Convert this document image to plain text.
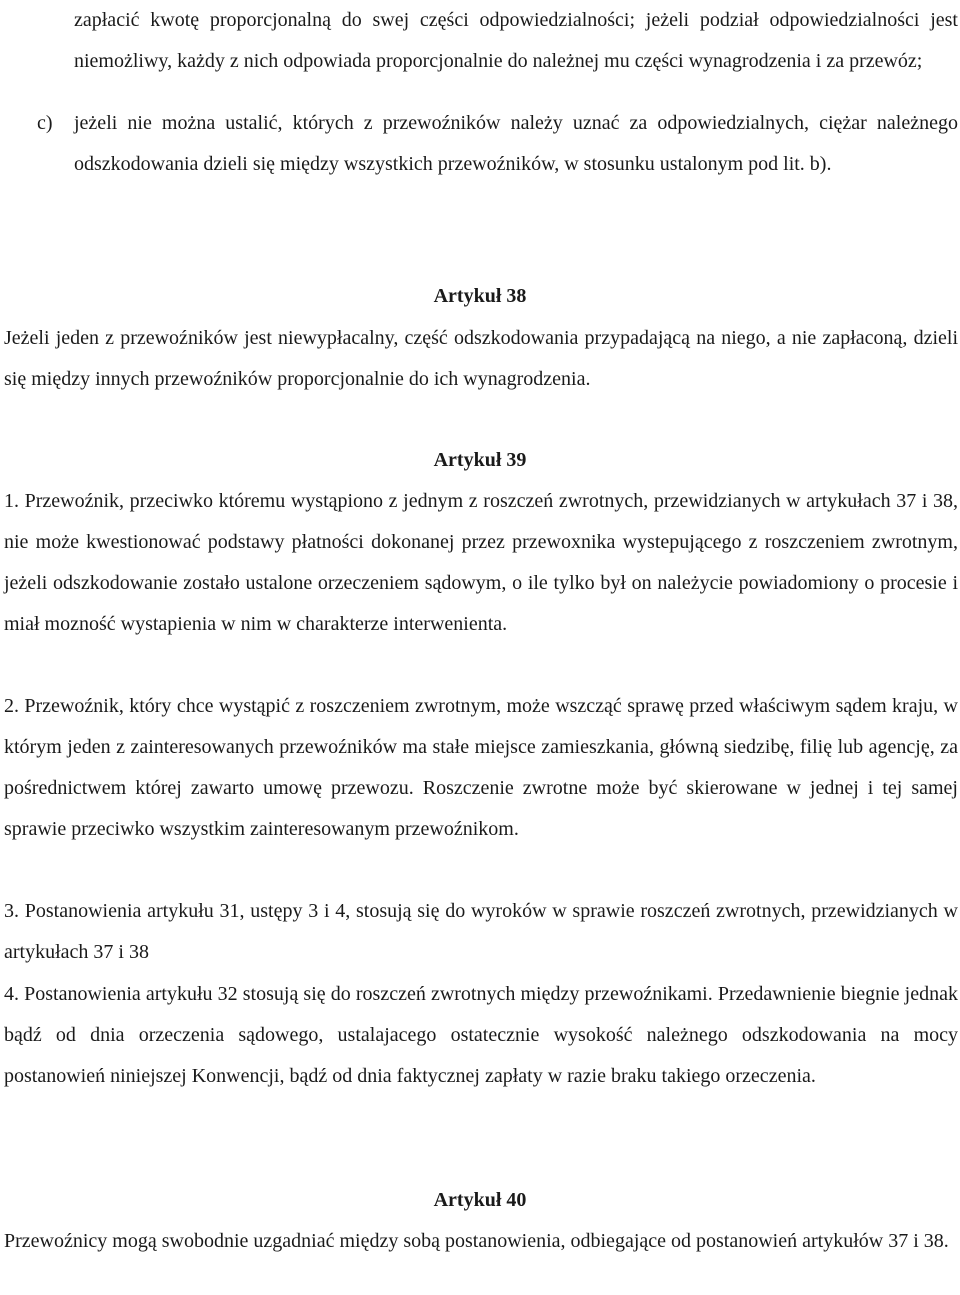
zapłacić kwotę proporcjonalną do swej części odpowiedzialności; jeżeli podział odpowiedzialności jest niemożliwy, każdy z nich odpowiada proporcjonalnie do należnej mu części wynagrodzenia i za przewóz;

c) jeżeli nie można ustalić, których z przewoźników należy uznać za odpowiedzialnych, ciężar należnego odszkodowania dzieli się między wszystkich przewoźników, w stosunku ustalonym pod lit. b).

Artykuł 38

Jeżeli jeden z przewoźników jest niewypłacalny, część odszkodowania przypadającą na niego, a nie zapłaconą, dzieli się między innych przewoźników proporcjonalnie do ich wynagrodzenia.

Artykuł 39

1. Przewoźnik, przeciwko któremu wystąpiono z jednym z roszczeń zwrotnych, przewidzianych w artykułach 37 i 38, nie może kwestionować podstawy płatności dokonanej przez przewoxnika wystepującego z roszczeniem zwrotnym, jeżeli odszkodowanie zostało ustalone orzeczeniem sądowym, o ile tylko był on należycie powiadomiony o procesie i miał mozność wystapienia w nim w charakterze interwenienta.

2. Przewoźnik, który chce wystąpić z roszczeniem zwrotnym, może wszcząć sprawę przed właściwym sądem kraju, w którym jeden z zainteresowanych przewoźników ma stałe miejsce zamieszkania, główną siedzibę, filię lub agencję, za pośrednictwem której zawarto umowę przewozu. Roszczenie zwrotne może być skierowane w jednej i tej samej sprawie przeciwko wszystkim zainteresowanym przewoźnikom.

3. Postanowienia artykułu 31, ustępy 3 i 4, stosują się do wyroków w sprawie roszczeń zwrotnych, przewidzianych w artykułach 37 i 38

4. Postanowienia artykułu 32 stosują się do roszczeń zwrotnych między przewoźnikami. Przedawnienie biegnie jednak bądź od dnia orzeczenia sądowego, ustalajacego ostatecznie wysokość należnego odszkodowania na mocy postanowień niniejszej Konwencji, bądź od dnia faktycznej zapłaty w razie braku takiego orzeczenia.

Artykuł 40

Przewoźnicy mogą swobodnie uzgadniać między sobą postanowienia, odbiegające od postanowień artykułów 37 i 38.
